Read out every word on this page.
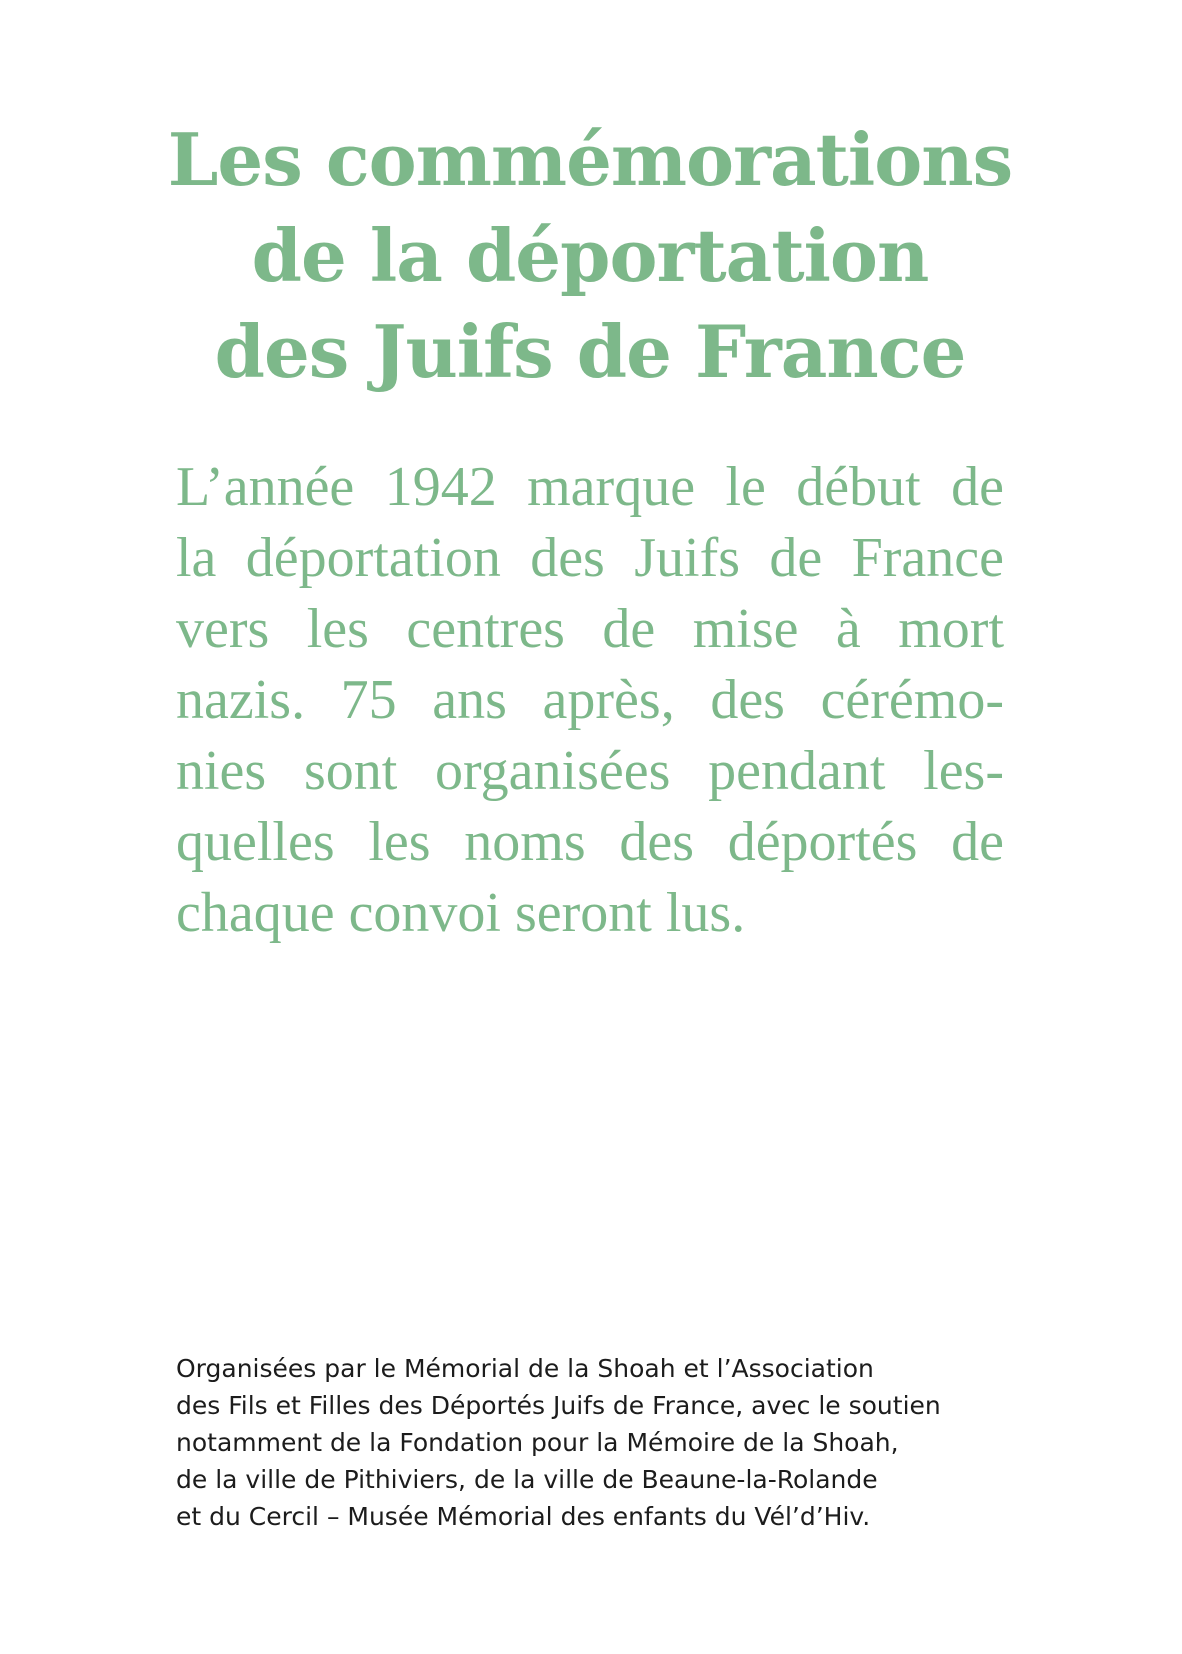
Les commémorations
de la déportation
des Juifs de France

L’année 1942 marque le début de
la déportation des Juifs de France
vers les centres de mise à mort
nazis. 75 ans après, des cérémo-
nies sont organisées pendant les-
quelles les noms des déportés de
chaque convoi seront lus.

Organisées par le Mémorial de la Shoah et l’Association
des Fils et Filles des Déportés Juifs de France, avec le soutien
notamment de la Fondation pour la Mémoire de la Shoah,
de la ville de Pithiviers, de la ville de Beaune-la-Rolande
et du Cercil – Musée Mémorial des enfants du Vél’d’Hiv.
